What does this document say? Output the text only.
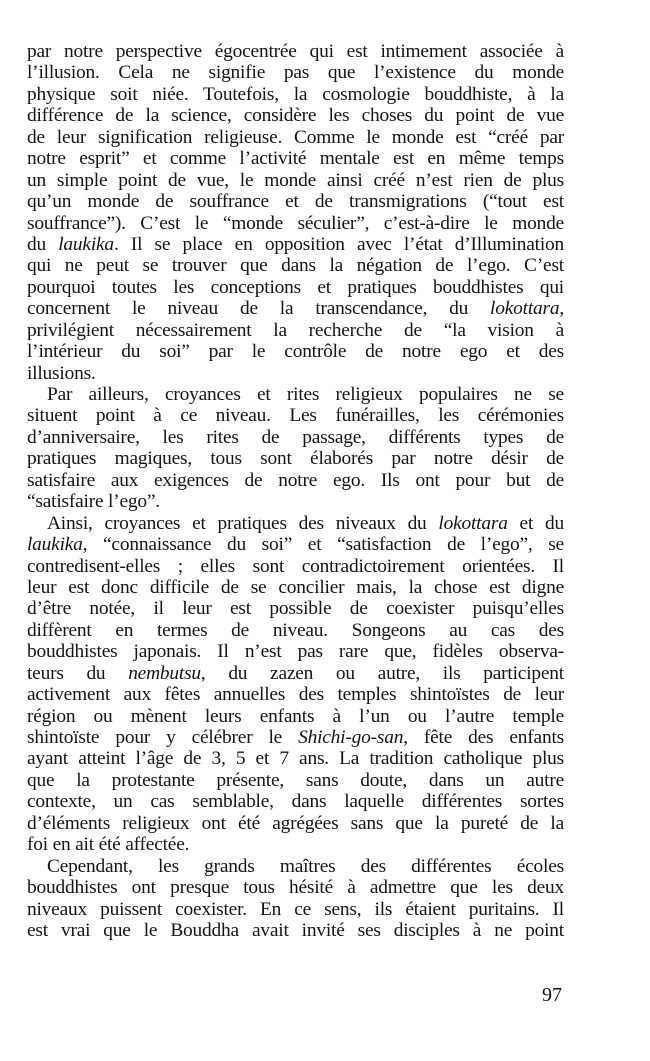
par notre perspective égocentrée qui est intimement associée à
l’illusion. Cela ne signifie pas que l’existence du monde
physique soit niée. Toutefois, la cosmologie bouddhiste, à la
différence de la science, considère les choses du point de vue
de leur signification religieuse. Comme le monde est “créé par
notre esprit” et comme l’activité mentale est en même temps
un simple point de vue, le monde ainsi créé n’est rien de plus
qu’un monde de souffrance et de transmigrations (“tout est
souffrance”). C’est le “monde séculier”, c’est-à-dire le monde
du laukika. Il se place en opposition avec l’état d’Illumination
qui ne peut se trouver que dans la négation de l’ego. C’est
pourquoi toutes les conceptions et pratiques bouddhistes qui
concernent le niveau de la transcendance, du lokottara,
privilégient nécessairement la recherche de “la vision à
l’intérieur du soi” par le contrôle de notre ego et des
illusions.
Par ailleurs, croyances et rites religieux populaires ne se
situent point à ce niveau. Les funérailles, les cérémonies
d’anniversaire, les rites de passage, différents types de
pratiques magiques, tous sont élaborés par notre désir de
satisfaire aux exigences de notre ego. Ils ont pour but de
“satisfaire l’ego”.
Ainsi, croyances et pratiques des niveaux du lokottara et du
laukika, “connaissance du soi” et “satisfaction de l’ego”, se
contredisent-elles ; elles sont contradictoirement orientées. Il
leur est donc difficile de se concilier mais, la chose est digne
d’être notée, il leur est possible de coexister puisqu’elles
diffèrent en termes de niveau. Songeons au cas des
bouddhistes japonais. Il n’est pas rare que, fidèles observa-
teurs du nembutsu, du zazen ou autre, ils participent
activement aux fêtes annuelles des temples shintoïstes de leur
région ou mènent leurs enfants à l’un ou l’autre temple
shintoïste pour y célébrer le Shichi-go-san, fête des enfants
ayant atteint l’âge de 3, 5 et 7 ans. La tradition catholique plus
que la protestante présente, sans doute, dans un autre
contexte, un cas semblable, dans laquelle différentes sortes
d’éléments religieux ont été agrégées sans que la pureté de la
foi en ait été affectée.
Cependant, les grands maîtres des différentes écoles
bouddhistes ont presque tous hésité à admettre que les deux
niveaux puissent coexister. En ce sens, ils étaient puritains. Il
est vrai que le Bouddha avait invité ses disciples à ne point
97
